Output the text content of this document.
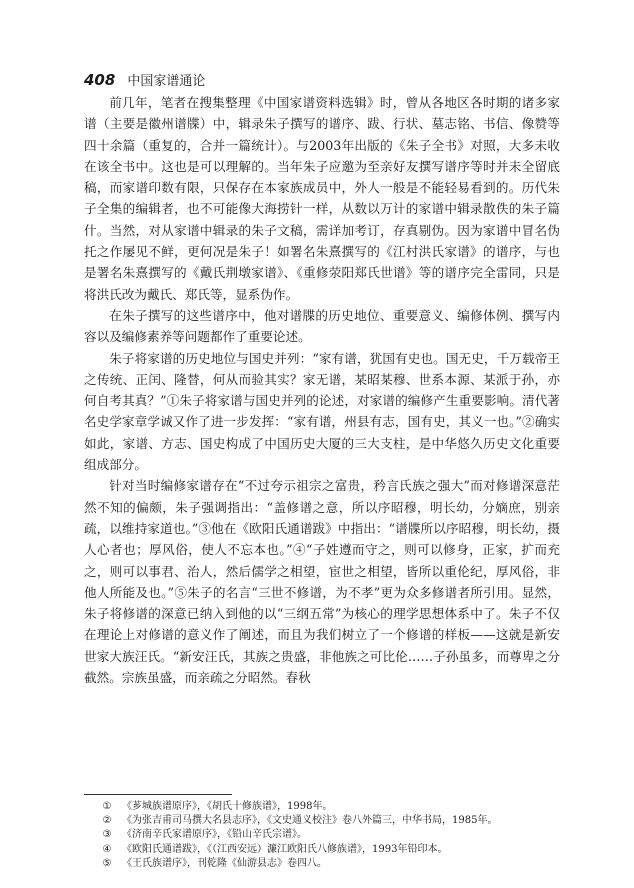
408 中国家谱通论

前几年，笔者在搜集整理《中国家谱资料选辑》时，曾从各地区各时期的诸多家谱（主要是徽州谱牒）中，辑录朱子撰写的谱序、跋、行状、墓志铭、书信、像赞等四十余篇（重复的，合并一篇统计）。与2003年出版的《朱子全书》对照，大多未收在该全书中。这也是可以理解的。当年朱子应邀为至亲好友撰写谱序等时并未全留底稿，而家谱印数有限，只保存在本家族成员中，外人一般是不能轻易看到的。历代朱子全集的编辑者，也不可能像大海捞针一样，从数以万计的家谱中辑录散佚的朱子篇什。当然，对从家谱中辑录的朱子文稿，需详加考订，存真剔伪。因为家谱中冒名伪托之作屡见不鲜，更何况是朱子！如署名朱熹撰写的《江村洪氏家谱》的谱序，与也是署名朱熹撰写的《戴氏荆墩家谱》、《重修荥阳郑氏世谱》等的谱序完全雷同，只是将洪氏改为戴氏、郑氏等，显系伪作。

在朱子撰写的这些谱序中，他对谱牒的历史地位、重要意义、编修体例、撰写内容以及编修素养等问题都作了重要论述。

朱子将家谱的历史地位与国史并列：“家有谱，犹国有史也。国无史，千万载帝王之传统、正闰、隆替，何从而验其实？家无谱，某昭某穆、世系本源、某派于孙，亦何自考其真？”①朱子将家谱与国史并列的论述，对家谱的编修产生重要影响。清代著名史学家章学诚又作了进一步发挥：“家有谱，州县有志，国有史，其义一也。”②确实如此，家谱、方志、国史构成了中国历史大厦的三大支柱，是中华悠久历史文化重要组成部分。

针对当时编修家谱存在“不过夸示祖宗之富贵，矜言氏族之强大”而对修谱深意茫然不知的偏颇，朱子强调指出：“盖修谱之意，所以序昭穆，明长幼，分嫡庶，别亲疏，以维持家道也。”③他在《欧阳氏通谱跋》中指出：“谱牒所以序昭穆，明长幼，摄人心者也；厚风俗，使人不忘本也。”④“子姓遵而守之，则可以修身，正家，扩而充之，则可以事君、治人，然后儒学之相望，宦世之相望，皆所以重伦纪，厚风俗，非他人所能及也。”⑤朱子的名言“三世不修谱，为不孝”更为众多修谱者所引用。显然，朱子将修谱的深意已纳入到他的以“三纲五常”为核心的理学思想体系中了。朱子不仅在理论上对修谱的意义作了阐述，而且为我们树立了一个修谱的样板——这就是新安世家大族汪氏。“新安汪氏，其族之贵盛，非他族之可比伦……子孙虽多，而尊卑之分截然。宗族虽盛，而亲疏之分昭然。春秋

①	《芗城族谱原序》，《胡氏十修族谱》，1998年。
②	《为张吉甫司马撰大名县志序》，《文史通义校注》卷八外篇三，中华书局，1985年。
③	《济南辛氏家谱原序》，《铅山辛氏宗谱》。
④	《欧阳氏通谱跋》，《（江西安远）濂江欧阳氏八修族谱》，1993年铅印本。
⑤	《王氏族谱序》，刊乾隆《仙游县志》卷四八。
